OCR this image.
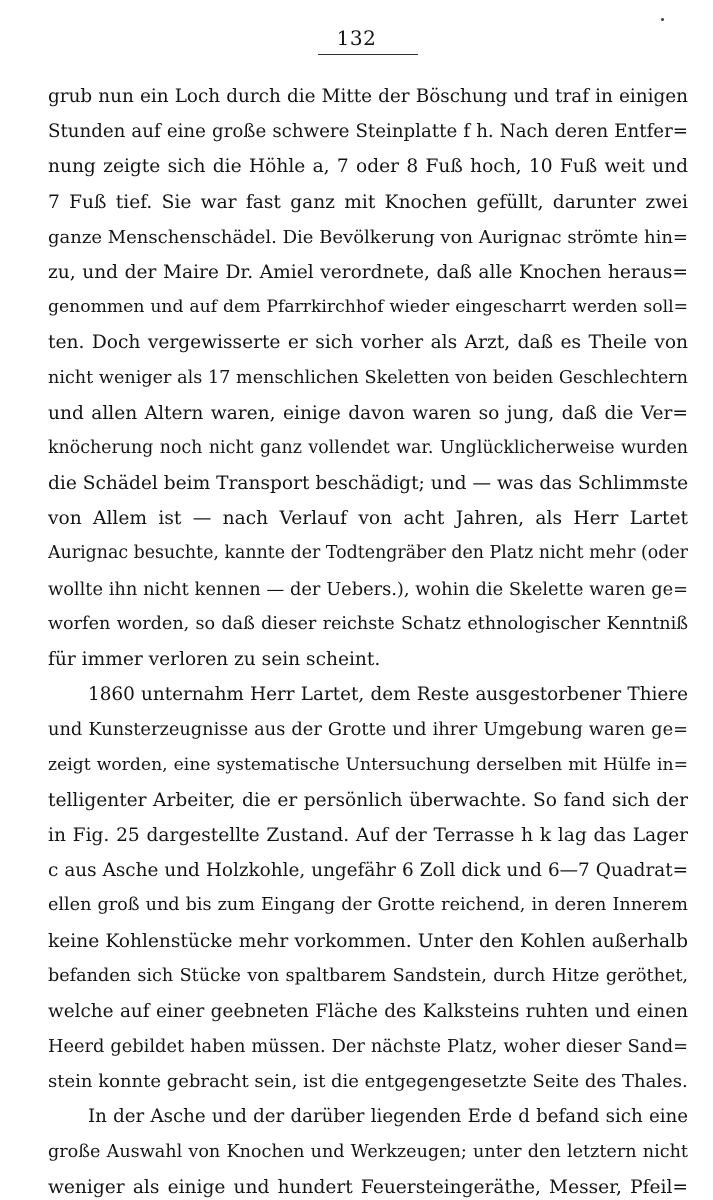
132
grub nun ein Loch durch die Mitte der Böschung und traf in einigen
Stunden auf eine große schwere Steinplatte f h. Nach deren Entfer=
nung zeigte sich die Höhle a, 7 oder 8 Fuß hoch, 10 Fuß weit und
7 Fuß tief. Sie war fast ganz mit Knochen gefüllt, darunter zwei
ganze Menschenschädel. Die Bevölkerung von Aurignac strömte hin=
zu, und der Maire Dr. Amiel verordnete, daß alle Knochen heraus=
genommen und auf dem Pfarrkirchhof wieder eingescharrt werden soll=
ten. Doch vergewisserte er sich vorher als Arzt, daß es Theile von
nicht weniger als 17 menschlichen Skeletten von beiden Geschlechtern
und allen Altern waren, einige davon waren so jung, daß die Ver=
knöcherung noch nicht ganz vollendet war. Unglücklicherweise wurden
die Schädel beim Transport beschädigt; und — was das Schlimmste
von Allem ist — nach Verlauf von acht Jahren, als Herr Lartet
Aurignac besuchte, kannte der Todtengräber den Platz nicht mehr (oder
wollte ihn nicht kennen — der Uebers.), wohin die Skelette waren ge=
worfen worden, so daß dieser reichste Schatz ethnologischer Kenntniß
für immer verloren zu sein scheint.
1860 unternahm Herr Lartet, dem Reste ausgestorbener Thiere
und Kunsterzeugnisse aus der Grotte und ihrer Umgebung waren ge=
zeigt worden, eine systematische Untersuchung derselben mit Hülfe in=
telligenter Arbeiter, die er persönlich überwachte. So fand sich der
in Fig. 25 dargestellte Zustand. Auf der Terrasse h k lag das Lager
c aus Asche und Holzkohle, ungefähr 6 Zoll dick und 6—7 Quadrat=
ellen groß und bis zum Eingang der Grotte reichend, in deren Innerem
keine Kohlenstücke mehr vorkommen. Unter den Kohlen außerhalb
befanden sich Stücke von spaltbarem Sandstein, durch Hitze geröthet,
welche auf einer geebneten Fläche des Kalksteins ruhten und einen
Heerd gebildet haben müssen. Der nächste Platz, woher dieser Sand=
stein konnte gebracht sein, ist die entgegengesetzte Seite des Thales.
In der Asche und der darüber liegenden Erde d befand sich eine
große Auswahl von Knochen und Werkzeugen; unter den letztern nicht
weniger als einige und hundert Feuersteingeräthe, Messer, Pfeil=
